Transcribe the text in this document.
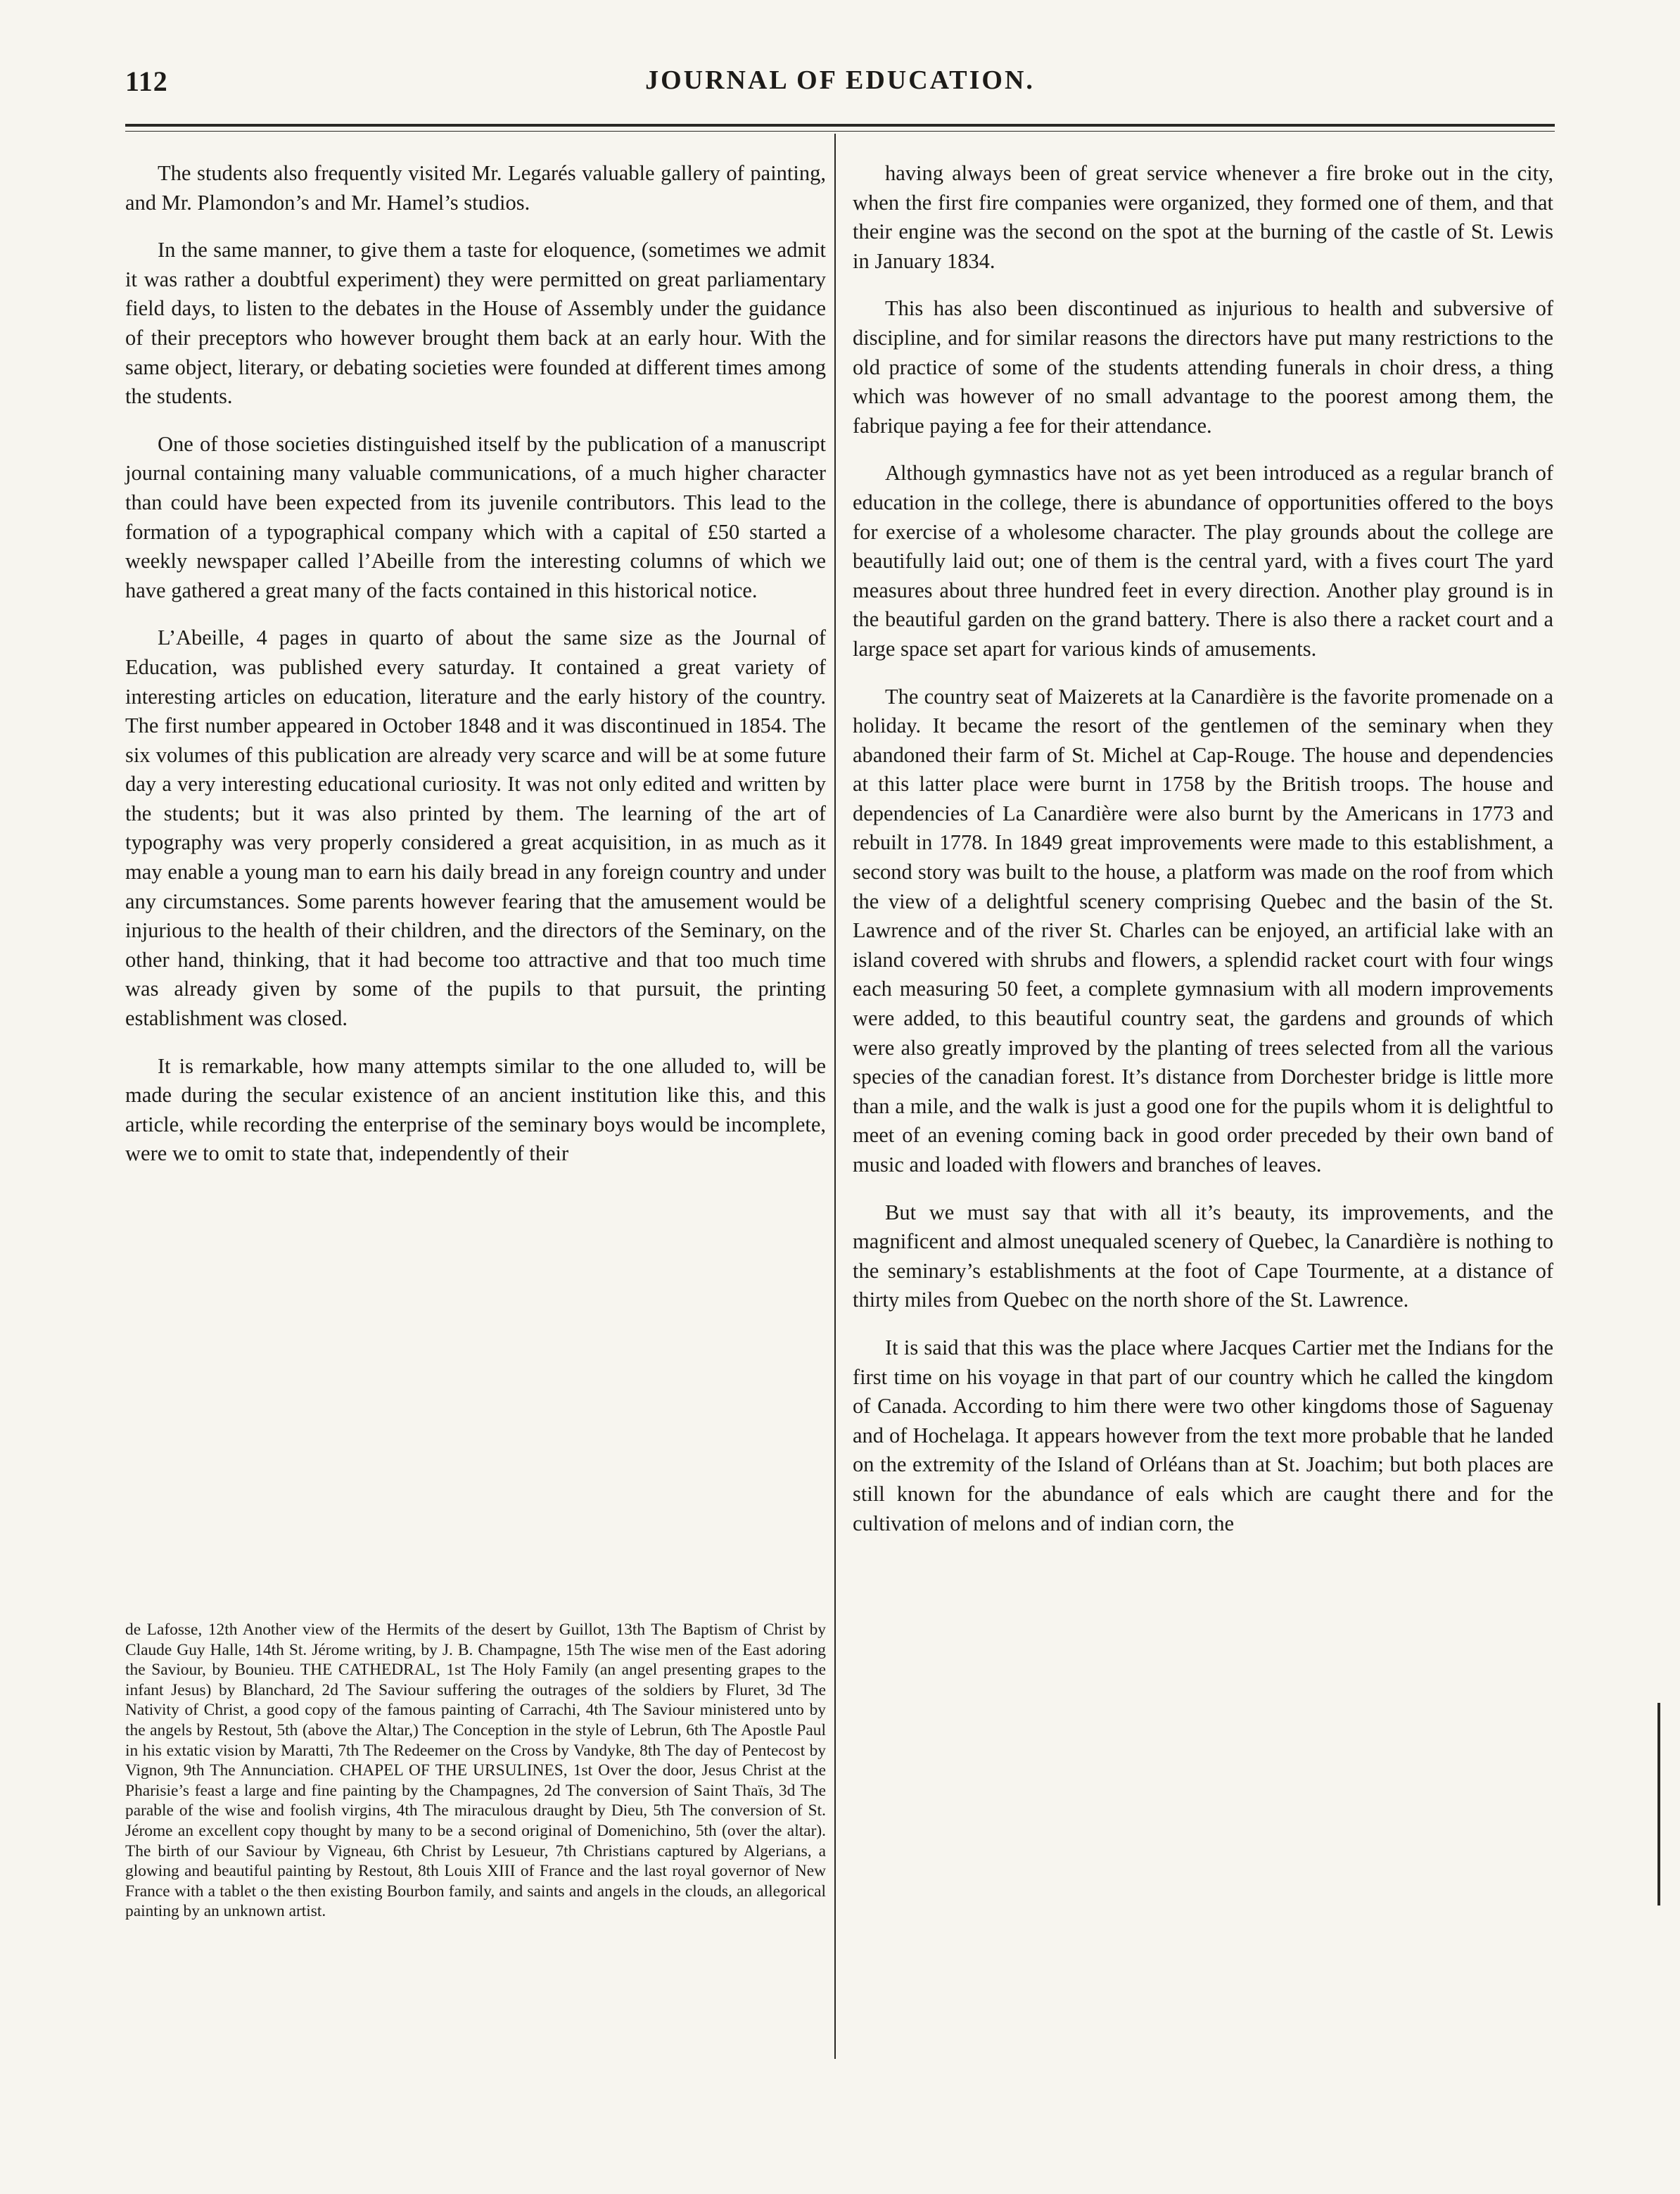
112	JOURNAL OF EDUCATION.

The students also frequently visited Mr. Legarés valuable gallery of painting, and Mr. Plamondon’s and Mr. Hamel’s studios.

In the same manner, to give them a taste for eloquence, (sometimes we admit it was rather a doubtful experiment) they were permitted on great parliamentary field days, to listen to the debates in the House of Assembly under the guidance of their preceptors who however brought them back at an early hour. With the same object, literary, or debating societies were founded at different times among the students.

One of those societies distinguished itself by the publication of a manuscript journal containing many valuable communications, of a much higher character than could have been expected from its juvenile contributors. This lead to the formation of a typographical company which with a capital of £50 started a weekly newspaper called l’Abeille from the interesting columns of which we have gathered a great many of the facts contained in this historical notice.

L’Abeille, 4 pages in quarto of about the same size as the Journal of Education, was published every saturday. It contained a great variety of interesting articles on education, literature and the early history of the country. The first number appeared in October 1848 and it was discontinued in 1854. The six volumes of this publication are already very scarce and will be at some future day a very interesting educational curiosity. It was not only edited and written by the students; but it was also printed by them. The learning of the art of typography was very properly considered a great acquisition, in as much as it may enable a young man to earn his daily bread in any foreign country and under any circumstances. Some parents however fearing that the amusement would be injurious to the health of their children, and the directors of the Seminary, on the other hand, thinking, that it had become too attractive and that too much time was already given by some of the pupils to that pursuit, the printing establishment was closed.

It is remarkable, how many attempts similar to the one alluded to, will be made during the secular existence of an ancient institution like this, and this article, while recording the enterprise of the seminary boys would be incomplete, were we to omit to state that, independently of their

de Lafosse, 12th Another view of the Hermits of the desert by Guillot, 13th The Baptism of Christ by Claude Guy Halle, 14th St. Jérome writing, by J. B. Champagne, 15th The wise men of the East adoring the Saviour, by Bounieu. THE CATHEDRAL, 1st The Holy Family (an angel presenting grapes to the infant Jesus) by Blanchard, 2d The Saviour suffering the outrages of the soldiers by Fluret, 3d The Nativity of Christ, a good copy of the famous painting of Carrachi, 4th The Saviour ministered unto by the angels by Restout, 5th (above the Altar,) The Conception in the style of Lebrun, 6th The Apostle Paul in his extatic vision by Maratti, 7th The Redeemer on the Cross by Vandyke, 8th The day of Pentecost by Vignon, 9th The Annunciation. CHAPEL OF THE URSULINES, 1st Over the door, Jesus Christ at the Pharisie’s feast a large and fine painting by the Champagnes, 2d The conversion of Saint Thaïs, 3d The parable of the wise and foolish virgins, 4th The miraculous draught by Dieu, 5th The conversion of St. Jérome an excellent copy thought by many to be a second original of Domenichino, 5th (over the altar). The birth of our Saviour by Vigneau, 6th Christ by Lesueur, 7th Christians captured by Algerians, a glowing and beautiful painting by Restout, 8th Louis XIII of France and the last royal governor of New France with a tablet o the then existing Bourbon family, and saints and angels in the clouds, an allegorical painting by an unknown artist.

having always been of great service whenever a fire broke out in the city, when the first fire companies were organized, they formed one of them, and that their engine was the second on the spot at the burning of the castle of St. Lewis in January 1834.

This has also been discontinued as injurious to health and subversive of discipline, and for similar reasons the directors have put many restrictions to the old practice of some of the students attending funerals in choir dress, a thing which was however of no small advantage to the poorest among them, the fabrique paying a fee for their attendance.

Although gymnastics have not as yet been introduced as a regular branch of education in the college, there is abundance of opportunities offered to the boys for exercise of a wholesome character. The play grounds about the college are beautifully laid out; one of them is the central yard, with a fives court The yard measures about three hundred feet in every direction. Another play ground is in the beautiful garden on the grand battery. There is also there a racket court and a large space set apart for various kinds of amusements.

The country seat of Maizerets at la Canardière is the favorite promenade on a holiday. It became the resort of the gentlemen of the seminary when they abandoned their farm of St. Michel at Cap-Rouge. The house and dependencies at this latter place were burnt in 1758 by the British troops. The house and dependencies of La Canardière were also burnt by the Americans in 1773 and rebuilt in 1778. In 1849 great improvements were made to this establishment, a second story was built to the house, a platform was made on the roof from which the view of a delightful scenery comprising Quebec and the basin of the St. Lawrence and of the river St. Charles can be enjoyed, an artificial lake with an island covered with shrubs and flowers, a splendid racket court with four wings each measuring 50 feet, a complete gymnasium with all modern improvements were added, to this beautiful country seat, the gardens and grounds of which were also greatly improved by the planting of trees selected from all the various species of the canadian forest. It’s distance from Dorchester bridge is little more than a mile, and the walk is just a good one for the pupils whom it is delightful to meet of an evening coming back in good order preceded by their own band of music and loaded with flowers and branches of leaves.

But we must say that with all it’s beauty, its improvements, and the magnificent and almost unequaled scenery of Quebec, la Canardière is nothing to the seminary’s establishments at the foot of Cape Tourmente, at a distance of thirty miles from Quebec on the north shore of the St. Lawrence.

It is said that this was the place where Jacques Cartier met the Indians for the first time on his voyage in that part of our country which he called the kingdom of Canada. According to him there were two other kingdoms those of Saguenay and of Hochelaga. It appears however from the text more probable that he landed on the extremity of the Island of Orléans than at St. Joachim; but both places are still known for the abundance of eals which are caught there and for the cultivation of melons and of indian corn, the
